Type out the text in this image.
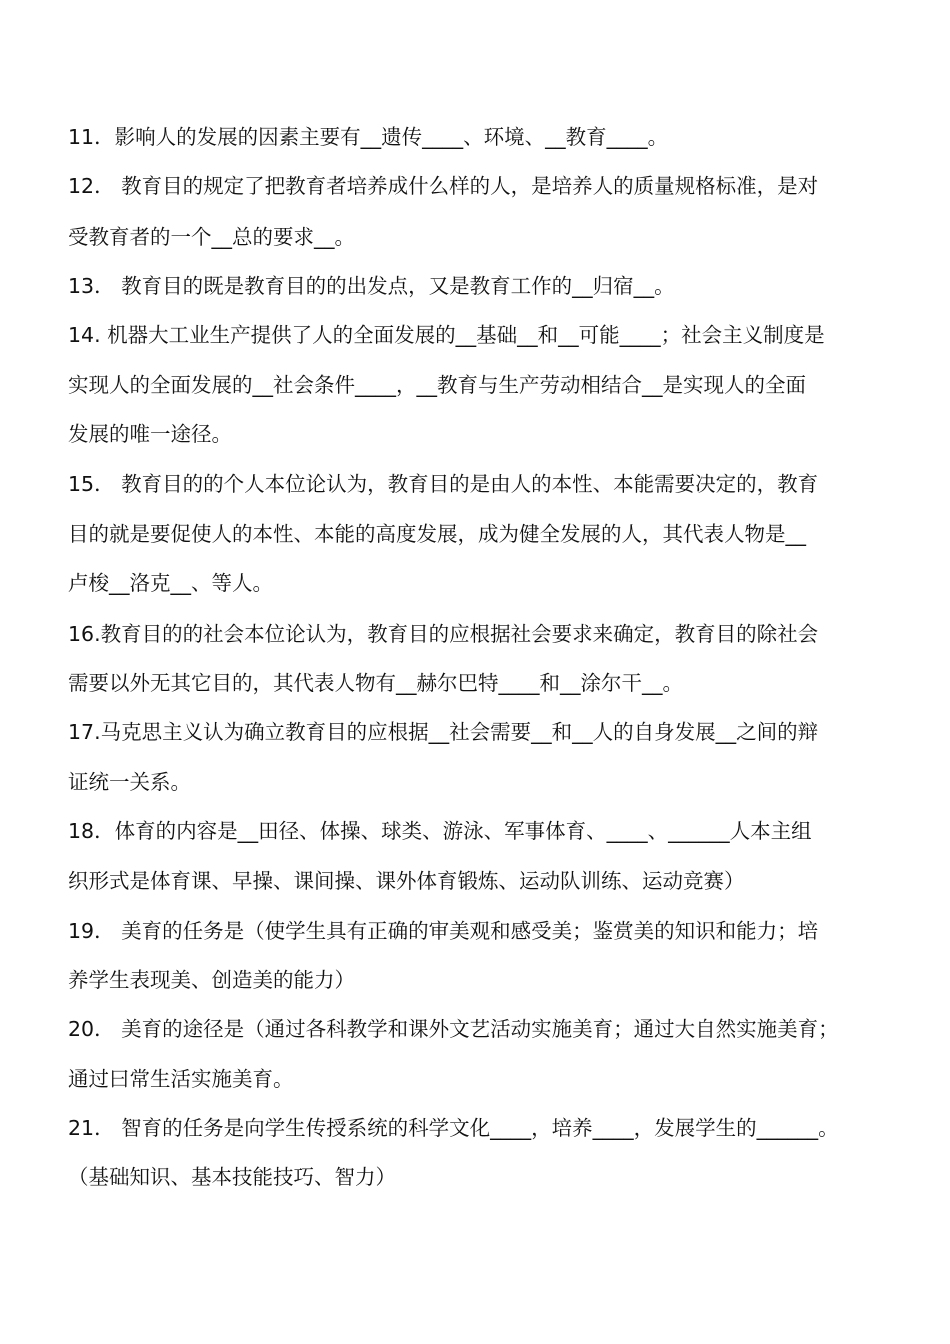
11．影响人的发展的因素主要有__遗传____、环境、__教育____。

12． 教育目的规定了把教育者培养成什么样的人，是培养人的质量规格标准，是对

受教育者的一个__总的要求__。

13． 教育目的既是教育目的的出发点，又是教育工作的__归宿__。

14. 机器大工业生产提供了人的全面发展的__基础__和__可能____；社会主义制度是

实现人的全面发展的__社会条件____，__教育与生产劳动相结合__是实现人的全面

发展的唯一途径。

15． 教育目的的个人本位论认为，教育目的是由人的本性、本能需要决定的，教育

目的就是要促使人的本性、本能的高度发展，成为健全发展的人，其代表人物是__

卢梭__洛克__、等人。

16.教育目的的社会本位论认为，教育目的应根据社会要求来确定，教育目的除社会

需要以外无其它目的，其代表人物有__赫尔巴特____和__涂尔干__。

17.马克思主义认为确立教育目的应根据__社会需要__和__人的自身发展__之间的辩

证统一关系。

18．体育的内容是__田径、体操、球类、游泳、军事体育、____、______人本主组

织形式是体育课、早操、课间操、课外体育锻炼、运动队训练、运动竞赛）

19． 美育的任务是（使学生具有正确的审美观和感受美；鉴赏美的知识和能力；培

养学生表现美、创造美的能力）

20． 美育的途径是（通过各科教学和课外文艺活动实施美育；通过大自然实施美育；

通过曰常生活实施美育。

21． 智育的任务是向学生传授系统的科学文化____，培养____，发展学生的______。

（基础知识、基本技能技巧、智力）
